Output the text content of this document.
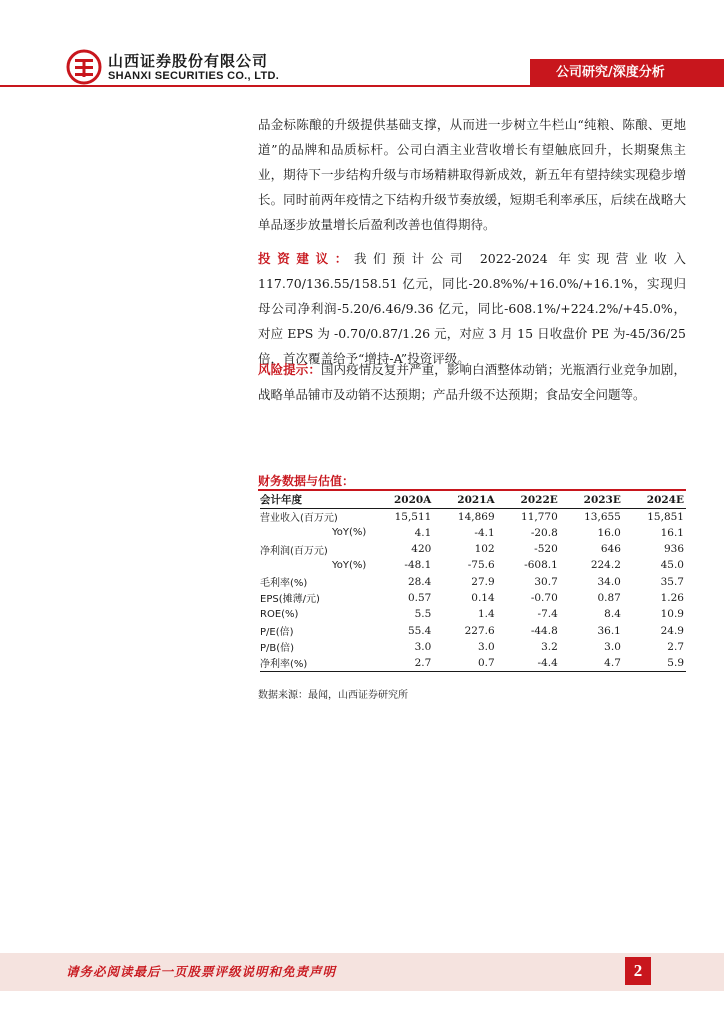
山西证券股份有限公司
SHANXI SECURITIES CO., LTD.	公司研究/深度分析
品金标陈酿的升级提供基础支撑，从而进一步树立牛栏山“纯粮、陈酿、更地道”的品牌和品质标杆。公司白酒主业营收增长有望触底回升，长期聚焦主业，期待下一步结构升级与市场精耕取得新成效，新五年有望持续实现稳步增长。同时前两年疫情之下结构升级节奏放缓，短期毛利率承压，后续在战略大单品逐步放量增长后盈利改善也值得期待。
投资建议：我们预计公司 2022-2024 年实现营业收入 117.70/136.55/158.51 亿元，同比-20.8%%/+16.0%/+16.1%，实现归母公司净利润-5.20/6.46/9.36 亿元，同比-608.1%/+224.2%/+45.0%，对应 EPS 为 -0.70/0.87/1.26 元，对应 3 月 15 日收盘价 PE 为-45/36/25 倍，首次覆盖给予“增持-A”投资评级。
风险提示：国内疫情反复并严重，影响白酒整体动销；光瓶酒行业竞争加剧，战略单品铺市及动销不达预期；产品升级不达预期；食品安全问题等。
财务数据与估值：
会计年度	2020A	2021A	2022E	2023E	2024E
营业收入(百万元)	15,511	14,869	11,770	13,655	15,851
YoY(%)	4.1	-4.1	-20.8	16.0	16.1
净利润(百万元)	420	102	-520	646	936
YoY(%)	-48.1	-75.6	-608.1	224.2	45.0
毛利率(%)	28.4	27.9	30.7	34.0	35.7
EPS(摊薄/元)	0.57	0.14	-0.70	0.87	1.26
ROE(%)	5.5	1.4	-7.4	8.4	10.9
P/E(倍)	55.4	227.6	-44.8	36.1	24.9
P/B(倍)	3.0	3.0	3.2	3.0	2.7
净利率(%)	2.7	0.7	-4.4	4.7	5.9
数据来源：最闻，山西证券研究所
请务必阅读最后一页股票评级说明和免责声明	2
